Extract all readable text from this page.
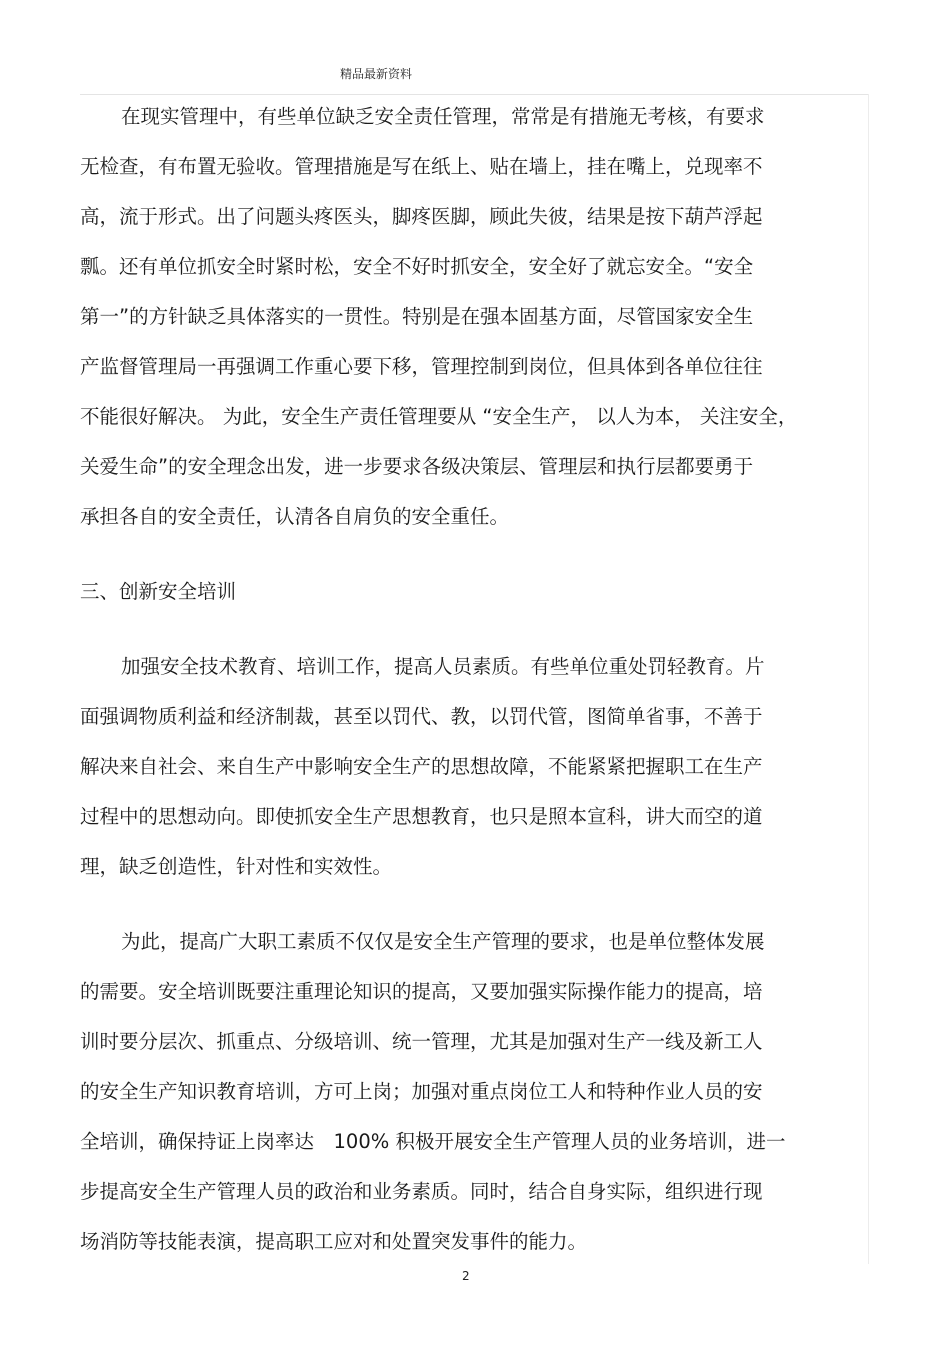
精品最新资料
在现实管理中，有些单位缺乏安全责任管理，常常是有措施无考核，有要求
无检查，有布置无验收。管理措施是写在纸上、贴在墙上，挂在嘴上，兑现率不
高，流于形式。出了问题头疼医头，脚疼医脚，顾此失彼，结果是按下葫芦浮起
瓢。还有单位抓安全时紧时松，安全不好时抓安全，安全好了就忘安全。“安全
第一”的方针缺乏具体落实的一贯性。特别是在强本固基方面，尽管国家安全生
产监督管理局一再强调工作重心要下移，管理控制到岗位，但具体到各单位往往
不能很好解决。 为此，安全生产责任管理要从 “安全生产， 以人为本， 关注安全，
关爱生命”的安全理念出发，进一步要求各级决策层、管理层和执行层都要勇于
承担各自的安全责任，认清各自肩负的安全重任。
三、创新安全培训
加强安全技术教育、培训工作，提高人员素质。有些单位重处罚轻教育。片
面强调物质利益和经济制裁，甚至以罚代、教，以罚代管，图简单省事，不善于
解决来自社会、来自生产中影响安全生产的思想故障，不能紧紧把握职工在生产
过程中的思想动向。即使抓安全生产思想教育，也只是照本宣科，讲大而空的道
理，缺乏创造性，针对性和实效性。
为此，提高广大职工素质不仅仅是安全生产管理的要求，也是单位整体发展
的需要。安全培训既要注重理论知识的提高，又要加强实际操作能力的提高，培
训时要分层次、抓重点、分级培训、统一管理，尤其是加强对生产一线及新工人
的安全生产知识教育培训，方可上岗；加强对重点岗位工人和特种作业人员的安
全培训，确保持证上岗率达　100% 积极开展安全生产管理人员的业务培训，进一
步提高安全生产管理人员的政治和业务素质。同时，结合自身实际，组织进行现
场消防等技能表演，提高职工应对和处置突发事件的能力。
2
